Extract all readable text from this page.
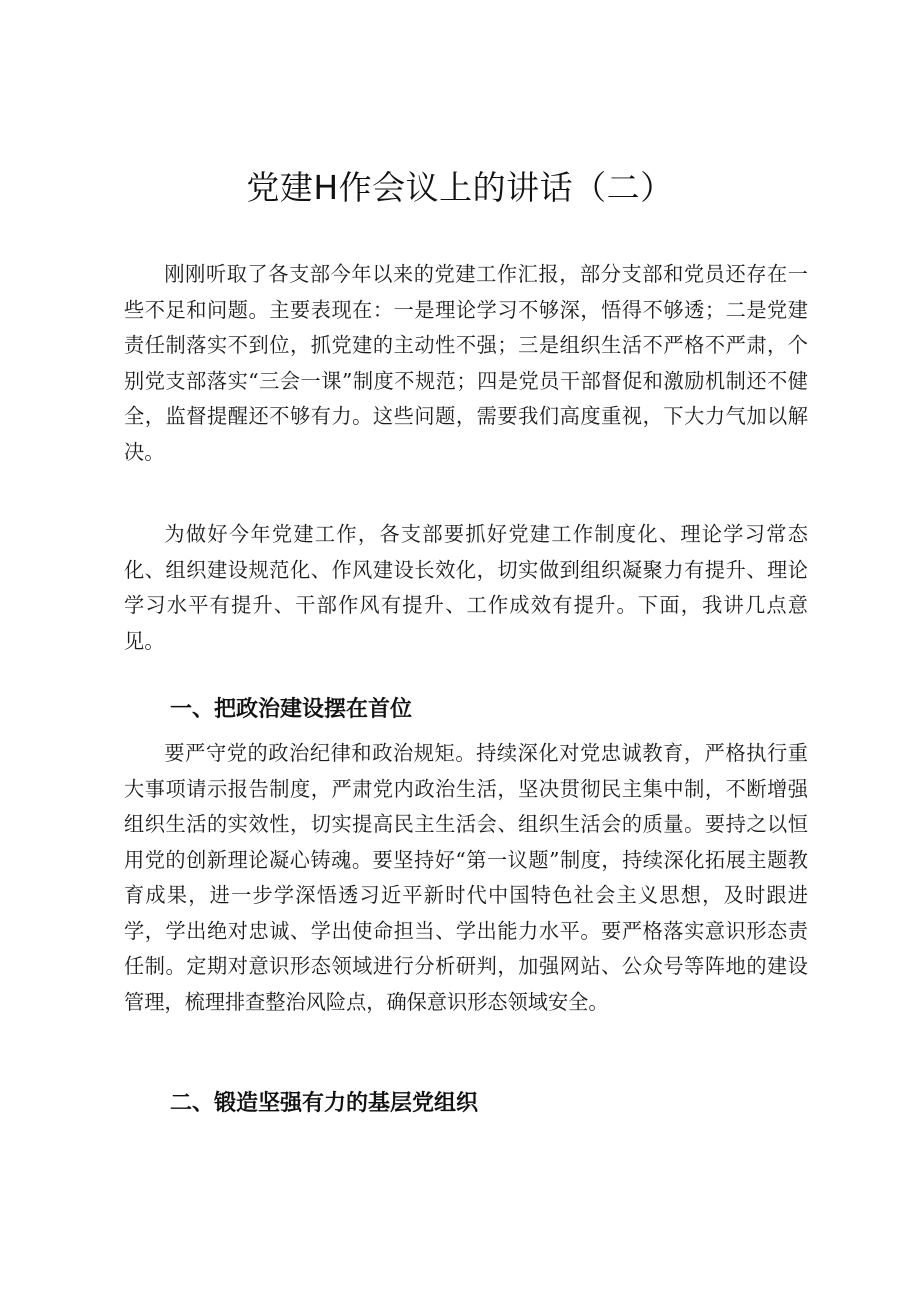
党建H作会议上的讲话（二）

刚刚听取了各支部今年以来的党建工作汇报，部分支部和党员还存在一些不足和问题。主要表现在：一是理论学习不够深，悟得不够透；二是党建责任制落实不到位，抓党建的主动性不强；三是组织生活不严格不严肃，个别党支部落实“三会一课”制度不规范；四是党员干部督促和激励机制还不健全，监督提醒还不够有力。这些问题，需要我们高度重视，下大力气加以解决。

为做好今年党建工作，各支部要抓好党建工作制度化、理论学习常态化、组织建设规范化、作风建设长效化，切实做到组织凝聚力有提升、理论学习水平有提升、干部作风有提升、工作成效有提升。下面，我讲几点意见。

一、把政治建设摆在首位

要严守党的政治纪律和政治规矩。持续深化对党忠诚教育，严格执行重大事项请示报告制度，严肃党内政治生活，坚决贯彻民主集中制，不断增强组织生活的实效性，切实提高民主生活会、组织生活会的质量。要持之以恒用党的创新理论凝心铸魂。要坚持好“第一议题”制度，持续深化拓展主题教育成果，进一步学深悟透习近平新时代中国特色社会主义思想，及时跟进学，学出绝对忠诚、学出使命担当、学出能力水平。要严格落实意识形态责任制。定期对意识形态领域进行分析研判，加强网站、公众号等阵地的建设管理，梳理排查整治风险点，确保意识形态领域安全。

二、锻造坚强有力的基层党组织
